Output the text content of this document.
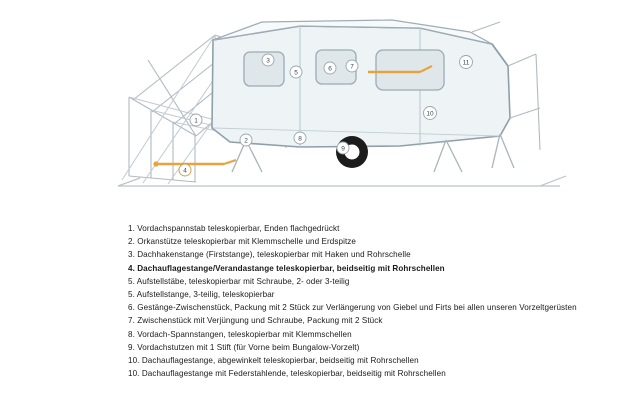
1
2
3
4
5
6	7
8
9
10
11
1. Vordachspannstab teleskopierbar, Enden flachgedrückt
2. Orkanstütze teleskopierbar mit Klemmschelle und Erdspitze
3. Dachhakenstange (Firststange), teleskopierbar mit Haken und Rohrschelle
4. Dachauflagestange/Verandastange teleskopierbar, beidseitig mit Rohrschellen
5. Aufstellstäbe, teleskopierbar mit Schraube, 2- oder 3-teilig
5. Aufstellstange, 3-teilig, teleskopierbar
6. Gestänge-Zwischenstück, Packung mit 2 Stück zur Verlängerung von Giebel und Firts bei allen unseren Vorzeltgerüsten
7. Zwischenstück mit Verjüngung und Schraube, Packung mit 2 Stück
8. Vordach-Spannstangen, teleskopierbar mit Klemmschellen
9. Vordachstutzen mit 1 Stift (für Vorne beim Bungalow-Vorzelt)
10. Dachauflagestange, abgewinkelt teleskopierbar, beidseitig mit Rohrschellen
10. Dachauflagestange mit Federstahlende, teleskopierbar, beidseitig mit Rohrschellen
